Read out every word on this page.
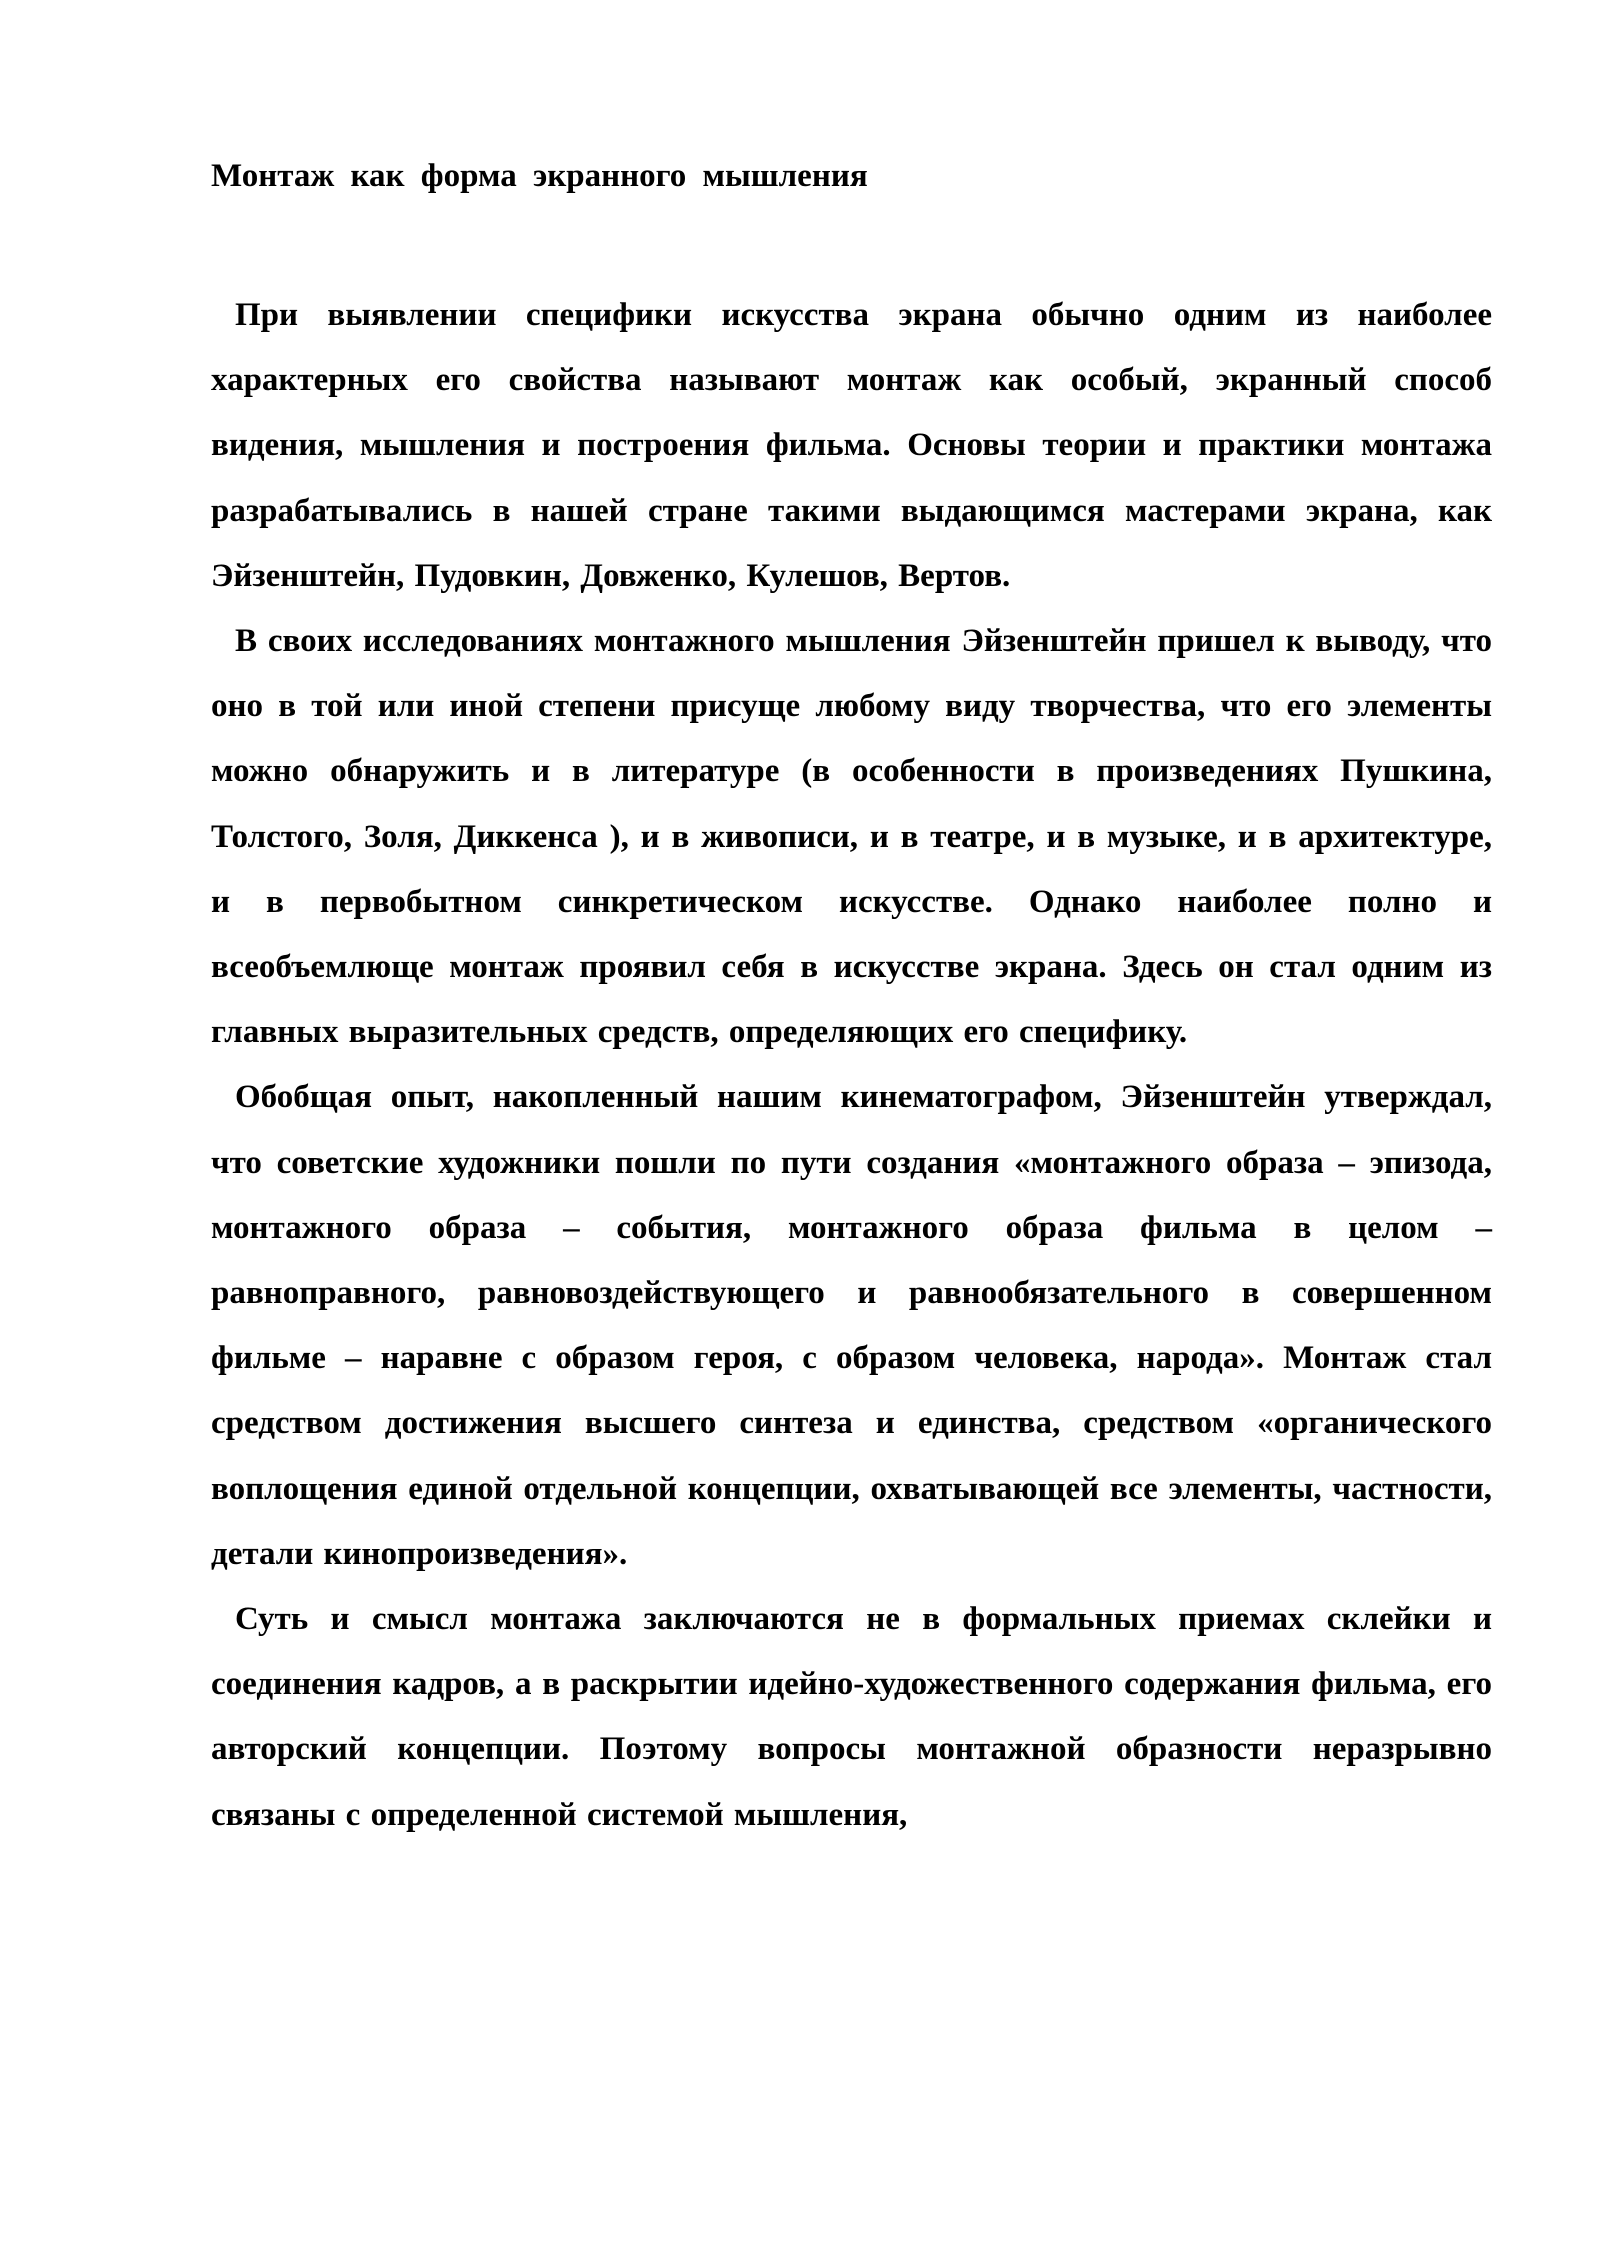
Монтаж как форма экранного мышления

При выявлении специфики искусства экрана обычно одним из наиболее характерных его свойства называют монтаж как особый, экранный способ видения, мышления и построения фильма. Основы теории и практики монтажа разрабатывались в нашей стране такими выдающимся мастерами экрана, как Эйзенштейн, Пудовкин, Довженко, Кулешов, Вертов.

В своих исследованиях монтажного мышления Эйзенштейн пришел к выводу, что оно в той или иной степени присуще любому виду творчества, что его элементы можно обнаружить и в литературе (в особенности в произведениях Пушкина, Толстого, Золя, Диккенса ), и в живописи, и в театре, и в музыке, и в архитектуре, и в первобытном синкретическом искусстве. Однако наиболее полно и всеобъемлюще монтаж проявил себя в искусстве экрана. Здесь он стал одним из главных выразительных средств, определяющих его специфику.

Обобщая опыт, накопленный нашим кинематографом, Эйзенштейн утверждал, что советские художники пошли по пути создания «монтажного образа – эпизода, монтажного образа – события, монтажного образа фильма в целом – равноправного, равновоздействующего и равнообязательного в совершенном фильме – наравне с образом героя, с образом человека, народа». Монтаж стал средством достижения высшего синтеза и единства, средством «органического воплощения единой отдельной концепции, охватывающей все элементы, частности, детали кинопроизведения».

Суть и смысл монтажа заключаются не в формальных приемах склейки и соединения кадров, а в раскрытии идейно-художественного содержания фильма, его авторский концепции. Поэтому вопросы монтажной образности неразрывно связаны с определенной системой мышления,
